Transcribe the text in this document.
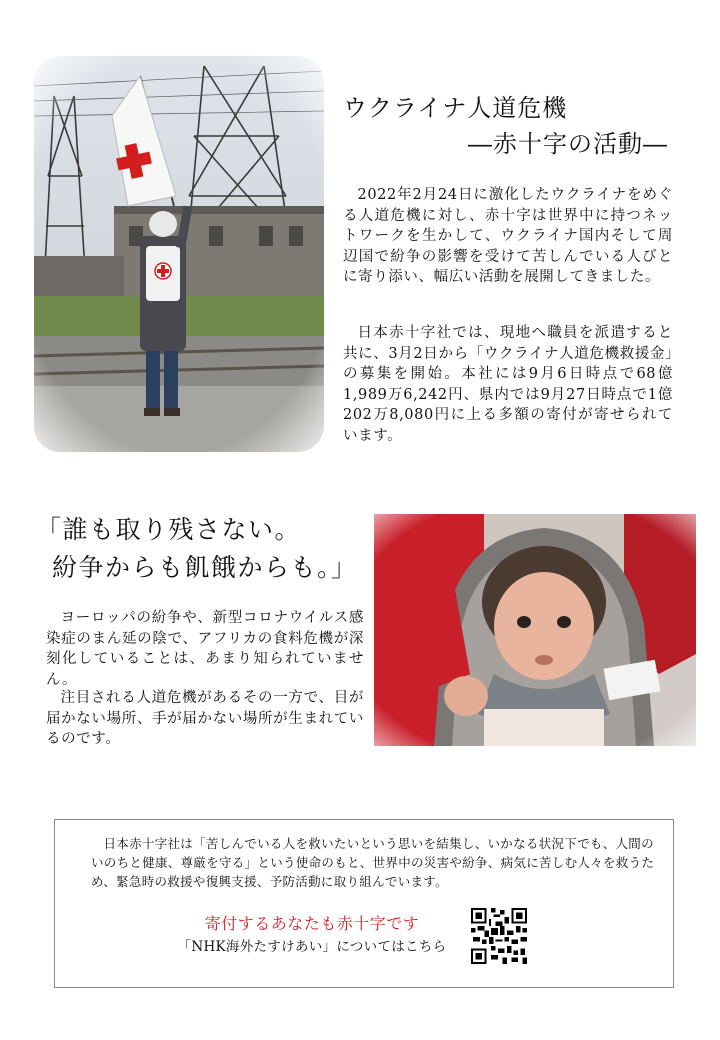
ウクライナ人道危機
―赤十字の活動―
2022年2月24日に激化したウクライナをめぐる人道危機に対し、赤十字は世界中に持つネットワークを生かして、ウクライナ国内そして周辺国で紛争の影響を受けて苦しんでいる人びとに寄り添い、幅広い活動を展開してきました。
日本赤十字社では、現地へ職員を派遣すると共に、3月2日から「ウクライナ人道危機救援金」の募集を開始。本社には9月6日時点で68億1,989万6,242円、県内では9月27日時点で1億202万8,080円に上る多額の寄付が寄せられています。
「誰も取り残さない。
紛争からも飢餓からも。」
ヨーロッパの紛争や、新型コロナウイルス感染症のまん延の陰で、アフリカの食料危機が深刻化していることは、あまり知られていません。
注目される人道危機があるその一方で、目が届かない場所、手が届かない場所が生まれているのです。
日本赤十字社は「苦しんでいる人を救いたいという思いを結集し、いかなる状況下でも、人間のいのちと健康、尊厳を守る」という使命のもと、世界中の災害や紛争、病気に苦しむ人々を救うため、緊急時の救援や復興支援、予防活動に取り組んでいます。
寄付するあなたも赤十字です
「NHK海外たすけあい」についてはこちら
